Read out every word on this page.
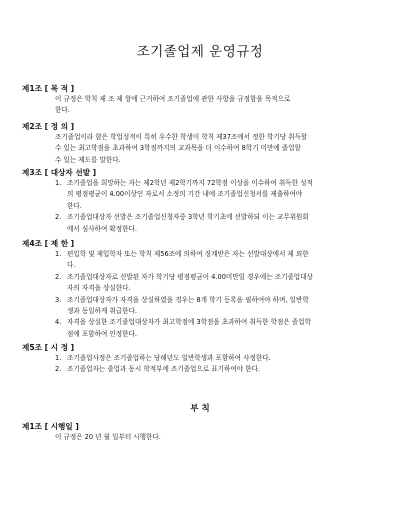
조기졸업제 운영규정
제1조 [ 목 적 ]
이 규정은 학칙 제 조 제 항에 근거하여 조기졸업에 관한 사항을 규정함을 목적으로
한다.
제2조 [ 정 의 ]
조기졸업이라 함은 학업성적이 특히 우수한 학생이 학칙 제37조에서 정한 학기당 취득할
수 있는 최고학점을 초과하여 3학점까지의 교과목을 더 이수하여 8학기 미만에 졸업할
수 있는 제도를 말한다.
제3조 [ 대상자 선발 ]
1. 조기졸업을 희망하는 자는 제2학년 제2학기까지 72학점 이상을 이수하여 취득한 성적
의 평점평균이 4.00이상인 자로서 소정의 기간 내에 조기졸업신청서를 제출하여야
한다.
2. 조기졸업대상자 선발은 조기졸업신청자중 3학년 학기초에 선발하되 이는 교무위원회
에서 심사하여 확정한다.
제4조 [ 제 한 ]
1. 편입학 및 재입학자 또는 학칙 제56조에 의하여 징계받은 자는 선발대상에서 제 외한
다.
2. 조기졸업대상자로 선발된 자가 학기당 평점평균이 4.00미만일 경우에는 조기졸업대상
자의 자격을 상실한다.
3. 조기졸업대상자가 자격을 상실하였을 경우는 8개 학기 등록을 필하여야 하며, 일반학
생과 동일하게 취급한다.
4. 자격을 상실한 조기졸업대상자가 최고학점에 3학점을 초과하여 취득한 학점은 졸업학
점에 포함하여 인정한다.
제5조 [ 시 정 ]
1. 조기졸업사정은 조기졸업하는 당해년도 일반학생과 포함하여 사정한다.
2. 조기졸업자는 졸업과 동시 학적부에 조기졸업으로 표기하여야 한다.
부 칙
제1조 [ 시행일 ]
이 규정은 20 년 월 일부터 시행한다.
